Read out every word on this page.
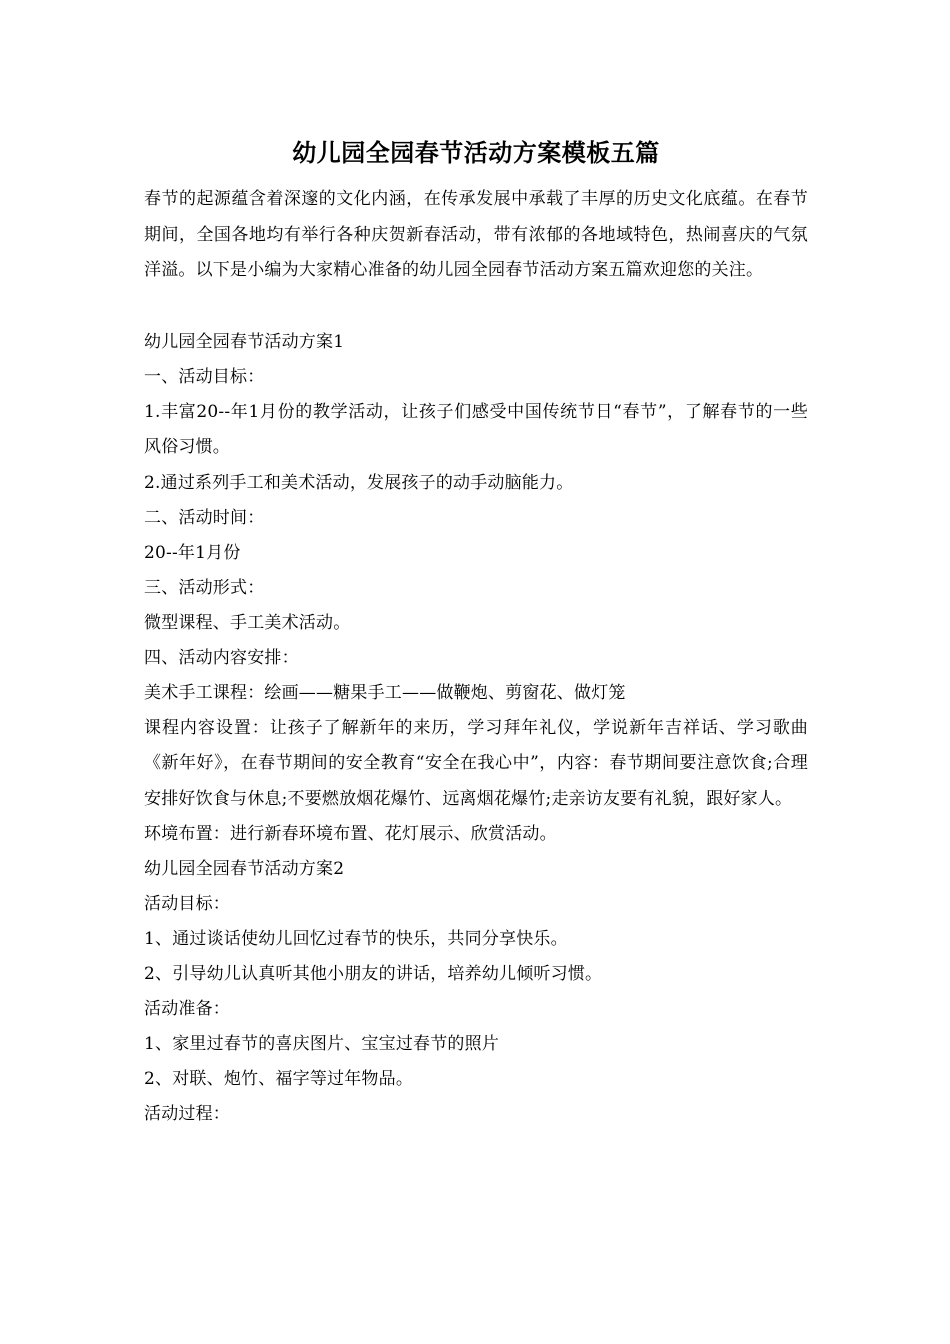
幼儿园全园春节活动方案模板五篇

春节的起源蕴含着深邃的文化内涵，在传承发展中承载了丰厚的历史文化底蕴。在春节期间，全国各地均有举行各种庆贺新春活动，带有浓郁的各地域特色，热闹喜庆的气氛洋溢。以下是小编为大家精心准备的幼儿园全园春节活动方案五篇欢迎您的关注。

幼儿园全园春节活动方案1

一、活动目标：

1.丰富20--年1月份的教学活动，让孩子们感受中国传统节日“春节”，了解春节的一些风俗习惯。

2.通过系列手工和美术活动，发展孩子的动手动脑能力。

二、活动时间：

20--年1月份

三、活动形式：

微型课程、手工美术活动。

四、活动内容安排：

美术手工课程：绘画——糖果手工——做鞭炮、剪窗花、做灯笼

课程内容设置：让孩子了解新年的来历，学习拜年礼仪，学说新年吉祥话、学习歌曲《新年好》，在春节期间的安全教育“安全在我心中”，内容：春节期间要注意饮食;合理安排好饮食与休息;不要燃放烟花爆竹、远离烟花爆竹;走亲访友要有礼貌，跟好家人。

环境布置：进行新春环境布置、花灯展示、欣赏活动。

幼儿园全园春节活动方案2

活动目标：

1、通过谈话使幼儿回忆过春节的快乐，共同分享快乐。

2、引导幼儿认真听其他小朋友的讲话，培养幼儿倾听习惯。

活动准备：

1、家里过春节的喜庆图片、宝宝过春节的照片

2、对联、炮竹、福字等过年物品。

活动过程：
